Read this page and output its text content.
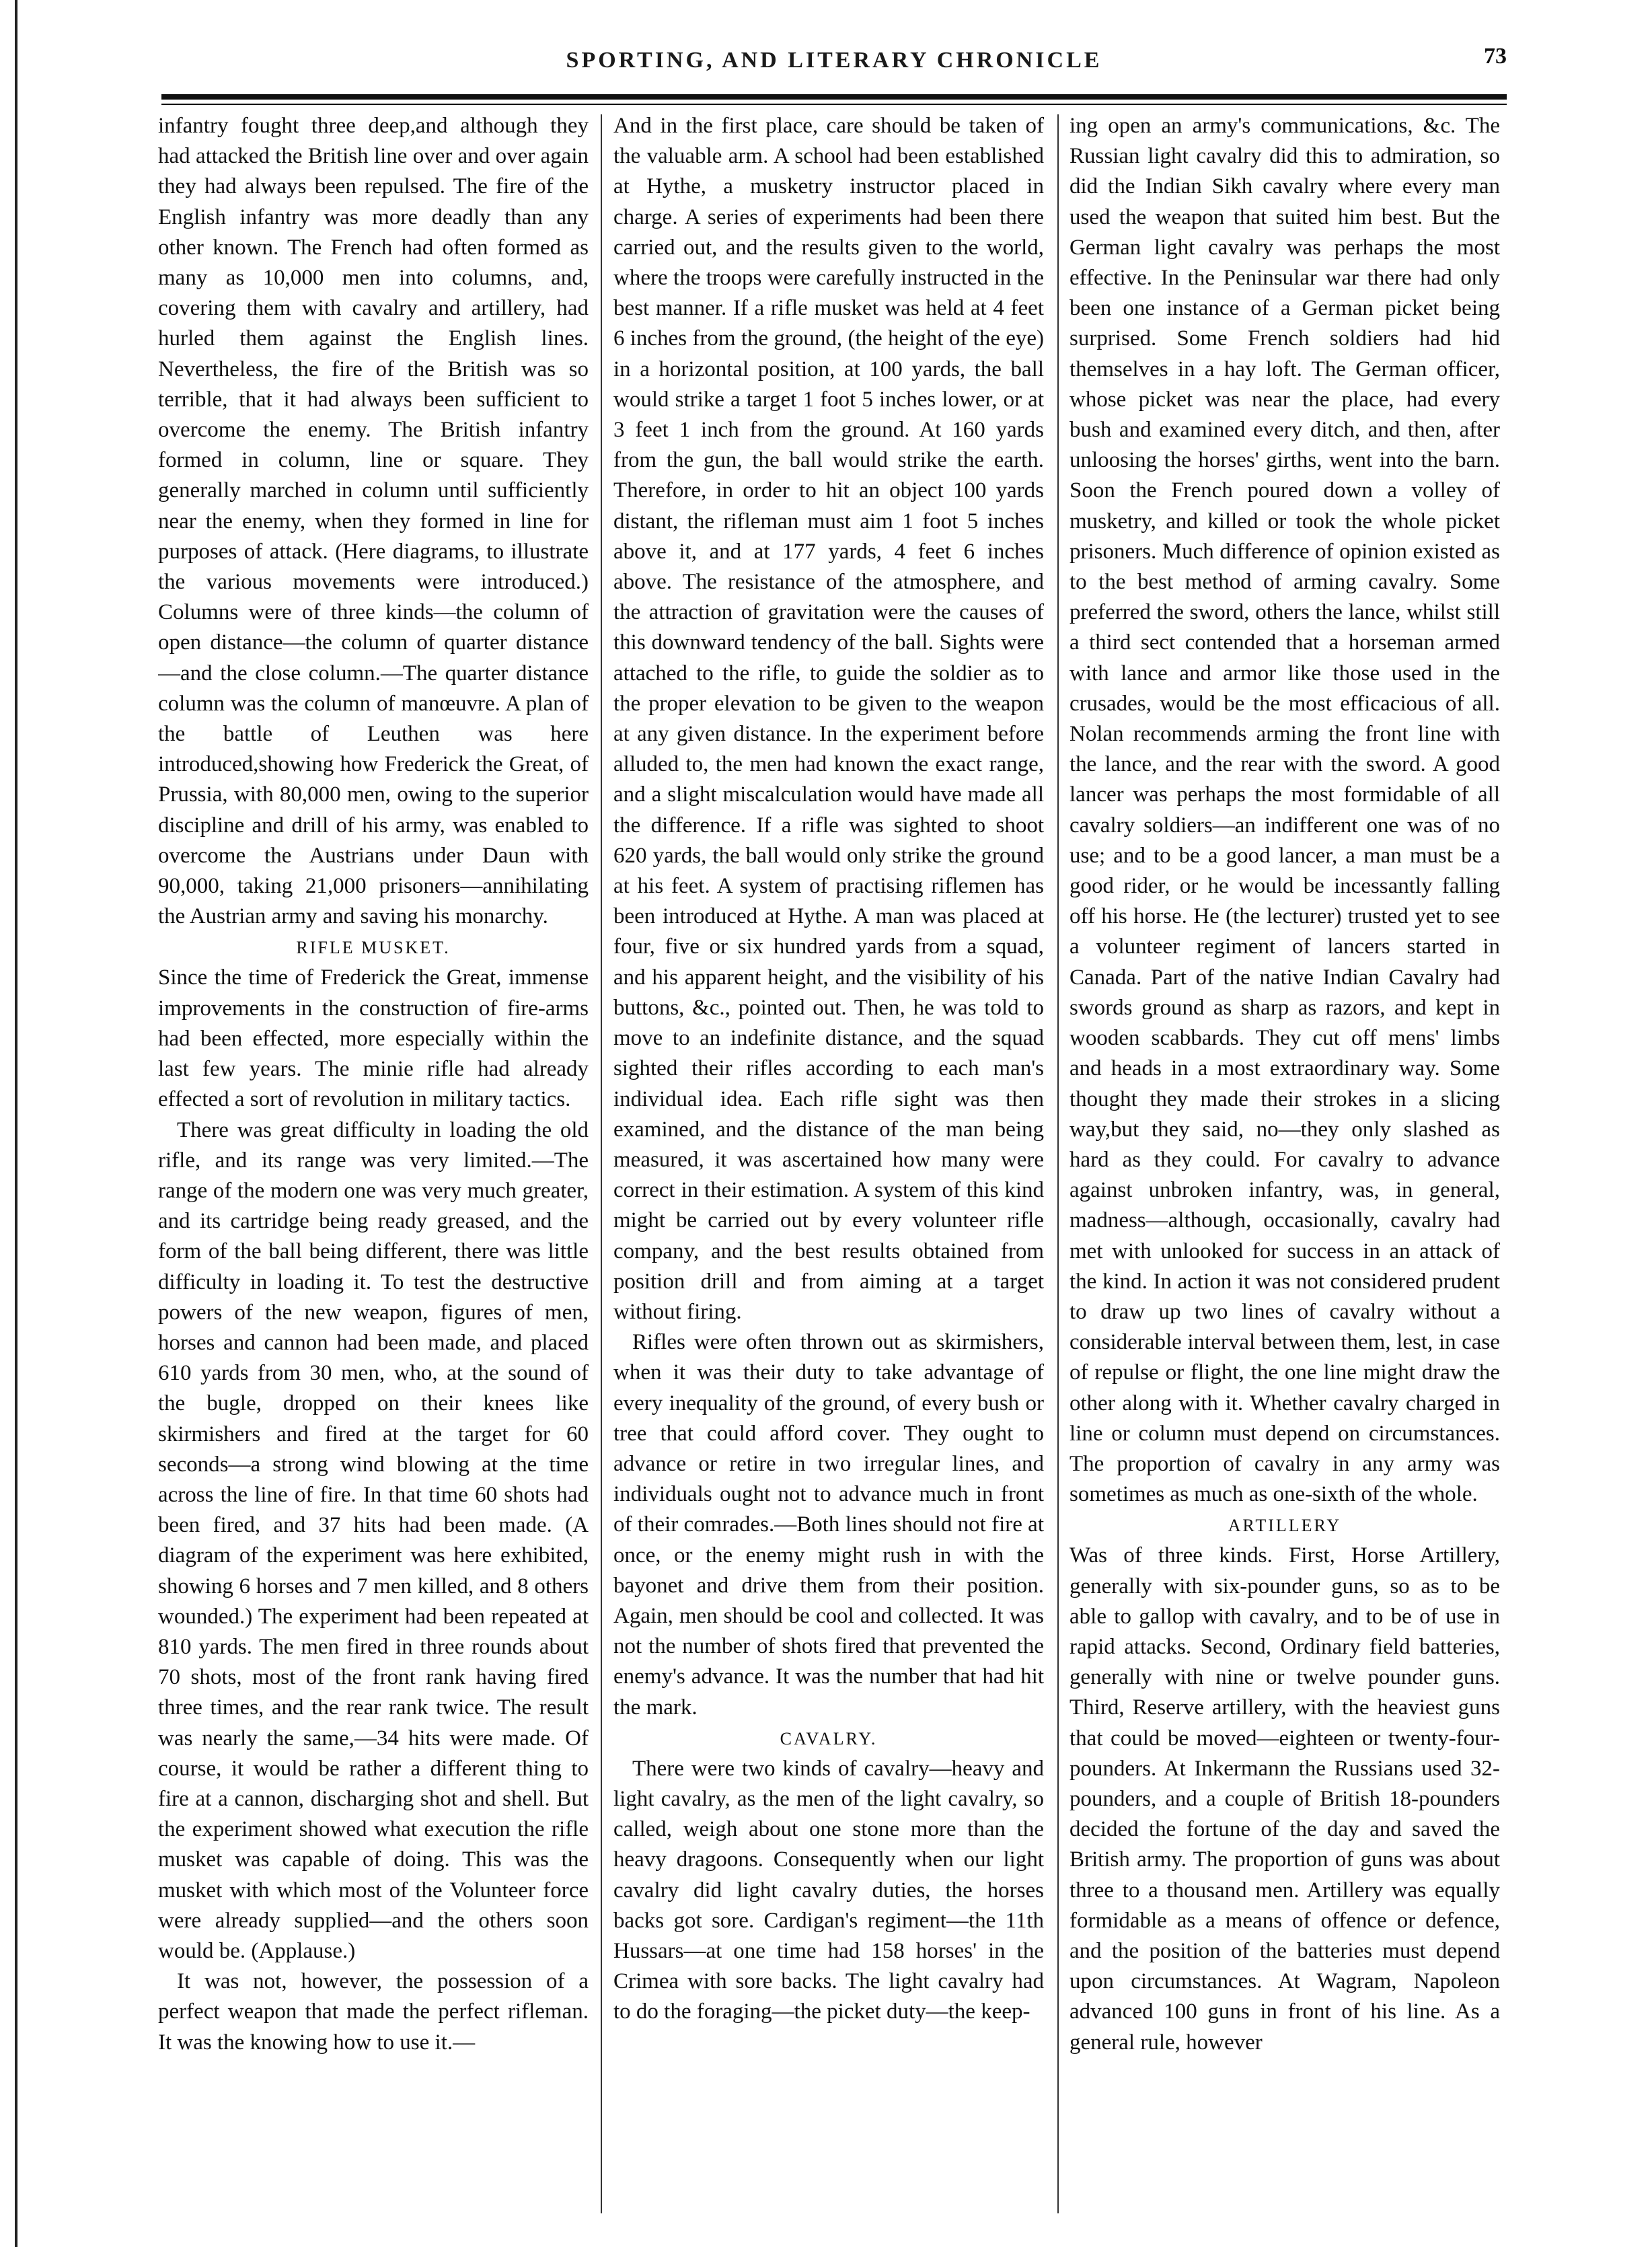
SPORTING, AND LITERARY CHRONICLE	73

infantry fought three deep,and although they had attacked the British line over and over again they had always been repulsed. The fire of the English infantry was more deadly than any other known. The French had often formed as many as 10,000 men into columns, and, covering them with cavalry and artillery, had hurled them against the English lines. Nevertheless, the fire of the British was so terrible, that it had always been sufficient to overcome the enemy. The British infantry formed in column, line or square. They generally marched in column until sufficiently near the enemy, when they formed in line for purposes of attack. (Here diagrams, to illustrate the various movements were introduced.) Columns were of three kinds—the column of open distance—the column of quarter distance—and the close column.—The quarter distance column was the column of manœuvre. A plan of the battle of Leuthen was here introduced,showing how Frederick the Great, of Prussia, with 80,000 men, owing to the superior discipline and drill of his army, was enabled to overcome the Austrians under Daun with 90,000, taking 21,000 prisoners—annihilating the Austrian army and saving his monarchy.

RIFLE MUSKET.

Since the time of Frederick the Great, immense improvements in the construction of fire-arms had been effected, more especially within the last few years. The minie rifle had already effected a sort of revolution in military tactics.

There was great difficulty in loading the old rifle, and its range was very limited.—The range of the modern one was very much greater, and its cartridge being ready greased, and the form of the ball being different, there was little difficulty in loading it. To test the destructive powers of the new weapon, figures of men, horses and cannon had been made, and placed 610 yards from 30 men, who, at the sound of the bugle, dropped on their knees like skirmishers and fired at the target for 60 seconds—a strong wind blowing at the time across the line of fire. In that time 60 shots had been fired, and 37 hits had been made. (A diagram of the experiment was here exhibited, showing 6 horses and 7 men killed, and 8 others wounded.) The experiment had been repeated at 810 yards. The men fired in three rounds about 70 shots, most of the front rank having fired three times, and the rear rank twice. The result was nearly the same,—34 hits were made. Of course, it would be rather a different thing to fire at a cannon, discharging shot and shell. But the experiment showed what execution the rifle musket was capable of doing. This was the musket with which most of the Volunteer force were already supplied—and the others soon would be. (Applause.)

It was not, however, the possession of a perfect weapon that made the perfect rifleman. It was the knowing how to use it.—

And in the first place, care should be taken of the valuable arm. A school had been established at Hythe, a musketry instructor placed in charge. A series of experiments had been there carried out, and the results given to the world, where the troops were carefully instructed in the best manner. If a rifle musket was held at 4 feet 6 inches from the ground, (the height of the eye) in a horizontal position, at 100 yards, the ball would strike a target 1 foot 5 inches lower, or at 3 feet 1 inch from the ground. At 160 yards from the gun, the ball would strike the earth. Therefore, in order to hit an object 100 yards distant, the rifleman must aim 1 foot 5 inches above it, and at 177 yards, 4 feet 6 inches above. The resistance of the atmosphere, and the attraction of gravitation were the causes of this downward tendency of the ball. Sights were attached to the rifle, to guide the soldier as to the proper elevation to be given to the weapon at any given distance. In the experiment before alluded to, the men had known the exact range, and a slight miscalculation would have made all the difference. If a rifle was sighted to shoot 620 yards, the ball would only strike the ground at his feet. A system of practising riflemen has been introduced at Hythe. A man was placed at four, five or six hundred yards from a squad, and his apparent height, and the visibility of his buttons, &c., pointed out. Then, he was told to move to an indefinite distance, and the squad sighted their rifles according to each man's individual idea. Each rifle sight was then examined, and the distance of the man being measured, it was ascertained how many were correct in their estimation. A system of this kind might be carried out by every volunteer rifle company, and the best results obtained from position drill and from aiming at a target without firing.

Rifles were often thrown out as skirmishers, when it was their duty to take advantage of every inequality of the ground, of every bush or tree that could afford cover. They ought to advance or retire in two irregular lines, and individuals ought not to advance much in front of their comrades.—Both lines should not fire at once, or the enemy might rush in with the bayonet and drive them from their position. Again, men should be cool and collected. It was not the number of shots fired that prevented the enemy's advance. It was the number that had hit the mark.

CAVALRY.

There were two kinds of cavalry—heavy and light cavalry, as the men of the light cavalry, so called, weigh about one stone more than the heavy dragoons. Consequently when our light cavalry did light cavalry duties, the horses backs got sore. Cardigan's regiment—the 11th Hussars—at one time had 158 horses' in the Crimea with sore backs. The light cavalry had to do the foraging—the picket duty—the keep-

ing open an army's communications, &c. The Russian light cavalry did this to admiration, so did the Indian Sikh cavalry where every man used the weapon that suited him best. But the German light cavalry was perhaps the most effective. In the Peninsular war there had only been one instance of a German picket being surprised. Some French soldiers had hid themselves in a hay loft. The German officer, whose picket was near the place, had every bush and examined every ditch, and then, after unloosing the horses' girths, went into the barn. Soon the French poured down a volley of musketry, and killed or took the whole picket prisoners. Much difference of opinion existed as to the best method of arming cavalry. Some preferred the sword, others the lance, whilst still a third sect contended that a horseman armed with lance and armor like those used in the crusades, would be the most efficacious of all. Nolan recommends arming the front line with the lance, and the rear with the sword. A good lancer was perhaps the most formidable of all cavalry soldiers—an indifferent one was of no use; and to be a good lancer, a man must be a good rider, or he would be incessantly falling off his horse. He (the lecturer) trusted yet to see a volunteer regiment of lancers started in Canada. Part of the native Indian Cavalry had swords ground as sharp as razors, and kept in wooden scabbards. They cut off mens' limbs and heads in a most extraordinary way. Some thought they made their strokes in a slicing way,but they said, no—they only slashed as hard as they could. For cavalry to advance against unbroken infantry, was, in general, madness—although, occasionally, cavalry had met with unlooked for success in an attack of the kind. In action it was not considered prudent to draw up two lines of cavalry without a considerable interval between them, lest, in case of repulse or flight, the one line might draw the other along with it. Whether cavalry charged in line or column must depend on circumstances. The proportion of cavalry in any army was sometimes as much as one-sixth of the whole.

ARTILLERY

Was of three kinds. First, Horse Artillery, generally with six-pounder guns, so as to be able to gallop with cavalry, and to be of use in rapid attacks. Second, Ordinary field batteries, generally with nine or twelve pounder guns. Third, Reserve artillery, with the heaviest guns that could be moved—eighteen or twenty-four-pounders. At Inkermann the Russians used 32-pounders, and a couple of British 18-pounders decided the fortune of the day and saved the British army. The proportion of guns was about three to a thousand men. Artillery was equally formidable as a means of offence or defence, and the position of the batteries must depend upon circumstances. At Wagram, Napoleon advanced 100 guns in front of his line. As a general rule, however
